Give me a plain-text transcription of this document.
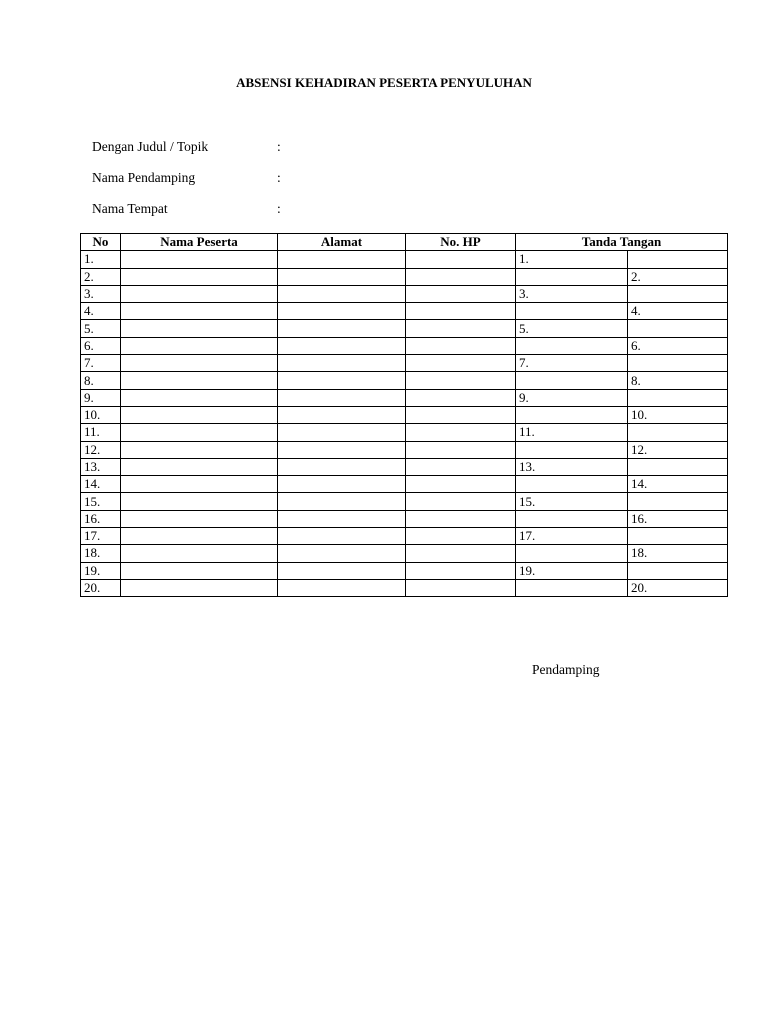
ABSENSI KEHADIRAN PESERTA PENYULUHAN
Dengan Judul / Topik	:
Nama Pendamping	:
Nama Tempat	:
No	Nama Peserta	Alamat	No. HP	Tanda Tangan	
1.				1.	
2.					2.
3.				3.	
4.					4.
5.				5.	
6.					6.
7.				7.	
8.					8.
9.				9.	
10.					10.
11.				11.	
12.					12.
13.				13.	
14.					14.
15.				15.	
16.					16.
17.				17.	
18.					18.
19.				19.	
20.					20.
Pendamping
